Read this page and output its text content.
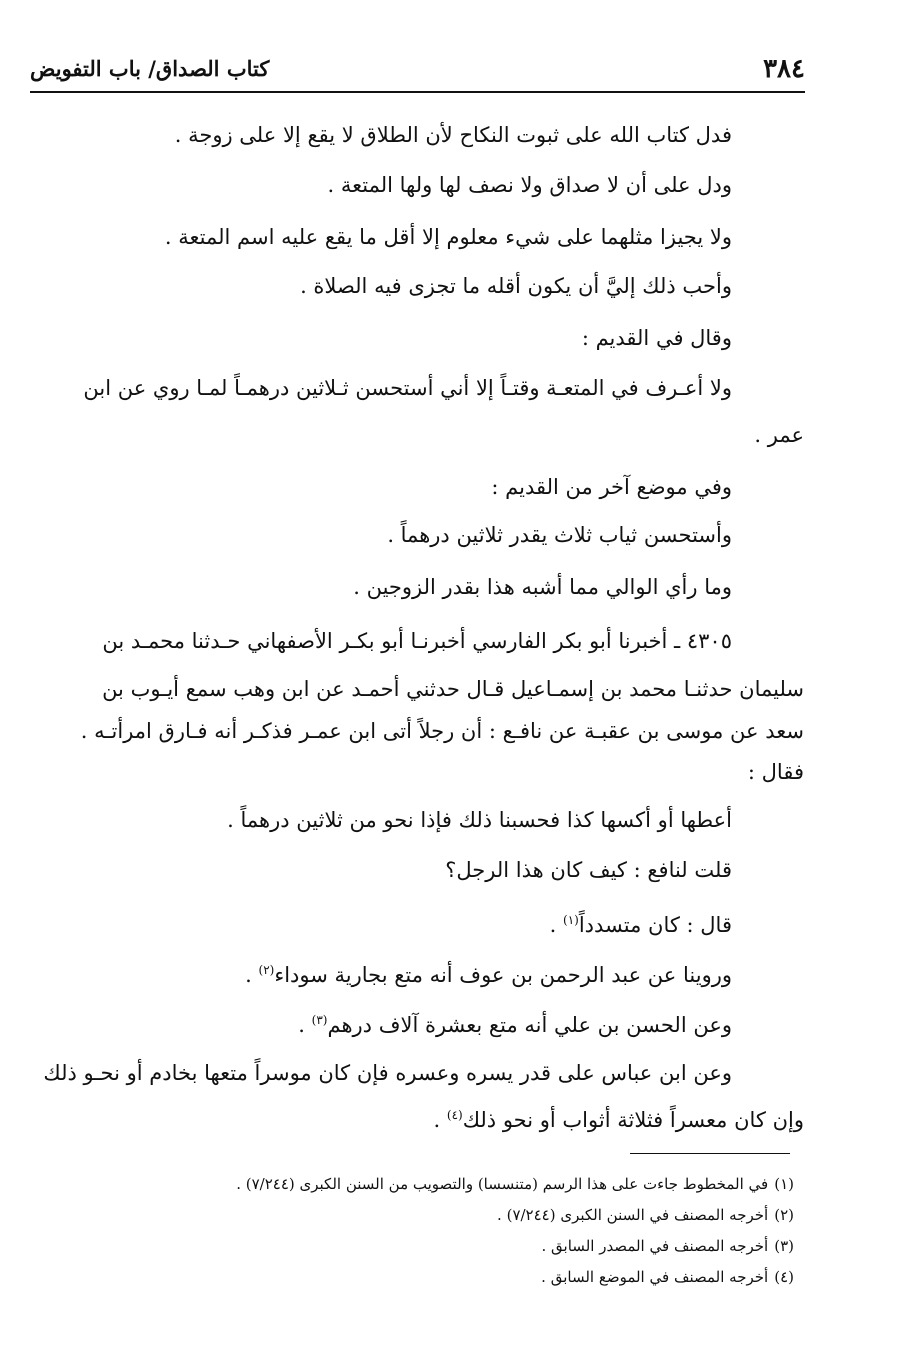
٣٨٤
كتاب الصداق/ باب التفويض
فدل كتاب الله على ثبوت النكاح لأن الطلاق لا يقع إلا على زوجة .
ودل على أن لا صداق ولا نصف لها ولها المتعة .
ولا يجيزا مثلهما على شيء معلوم إلا أقل ما يقع عليه اسم المتعة .
وأحب ذلك إليَّ أن يكون أقله ما تجزى فيه الصلاة .
وقال في القديم :
ولا أعـرف في المتعـة وقتـاً إلا أني أستحسن ثـلاثين درهمـاً لمـا روي عن ابن
عمر .
وفي موضع آخر من القديم :
وأستحسن ثياب ثلاث يقدر ثلاثين درهماً .
وما رأي الوالي مما أشبه هذا بقدر الزوجين .
٤٣٠٥ ـ أخبرنا أبو بكر الفارسي أخبرنـا أبو بكـر الأصفهاني حـدثنا محمـد بن
سليمان حدثنـا محمد بن إسمـاعيل قـال حدثني أحمـد عن ابن وهب سمع أيـوب بن
سعد عن موسى بن عقبـة عن نافـع : أن رجلاً أتى ابن عمـر فذكـر أنه فـارق امرأتـه .
فقال :
أعطها أو أكسها كذا فحسبنا ذلك فإذا نحو من ثلاثين درهماً .
قلت لنافع : كيف كان هذا الرجل؟
قال : كان متسدداً$^{(١)}$ .
وروينا عن عبد الرحمن بن عوف أنه متع بجارية سوداء$^{(٢)}$ .
وعن الحسن بن علي أنه متع بعشرة آلاف درهم$^{(٣)}$ .
وعن ابن عباس على قدر يسره وعسره فإن كان موسراً متعها بخادم أو نحـو ذلك
وإن كان معسراً فثلاثة أثواب أو نحو ذلك$^{(٤)}$ .
(١)في المخطوط جاءت على هذا الرسم (متنسسا) والتصويب من السنن الكبرى (٧/٢٤٤) .
(٢)أخرجه المصنف في السنن الكبرى (٧/٢٤٤) .
(٣)أخرجه المصنف في المصدر السابق .
(٤)أخرجه المصنف في الموضع السابق .
